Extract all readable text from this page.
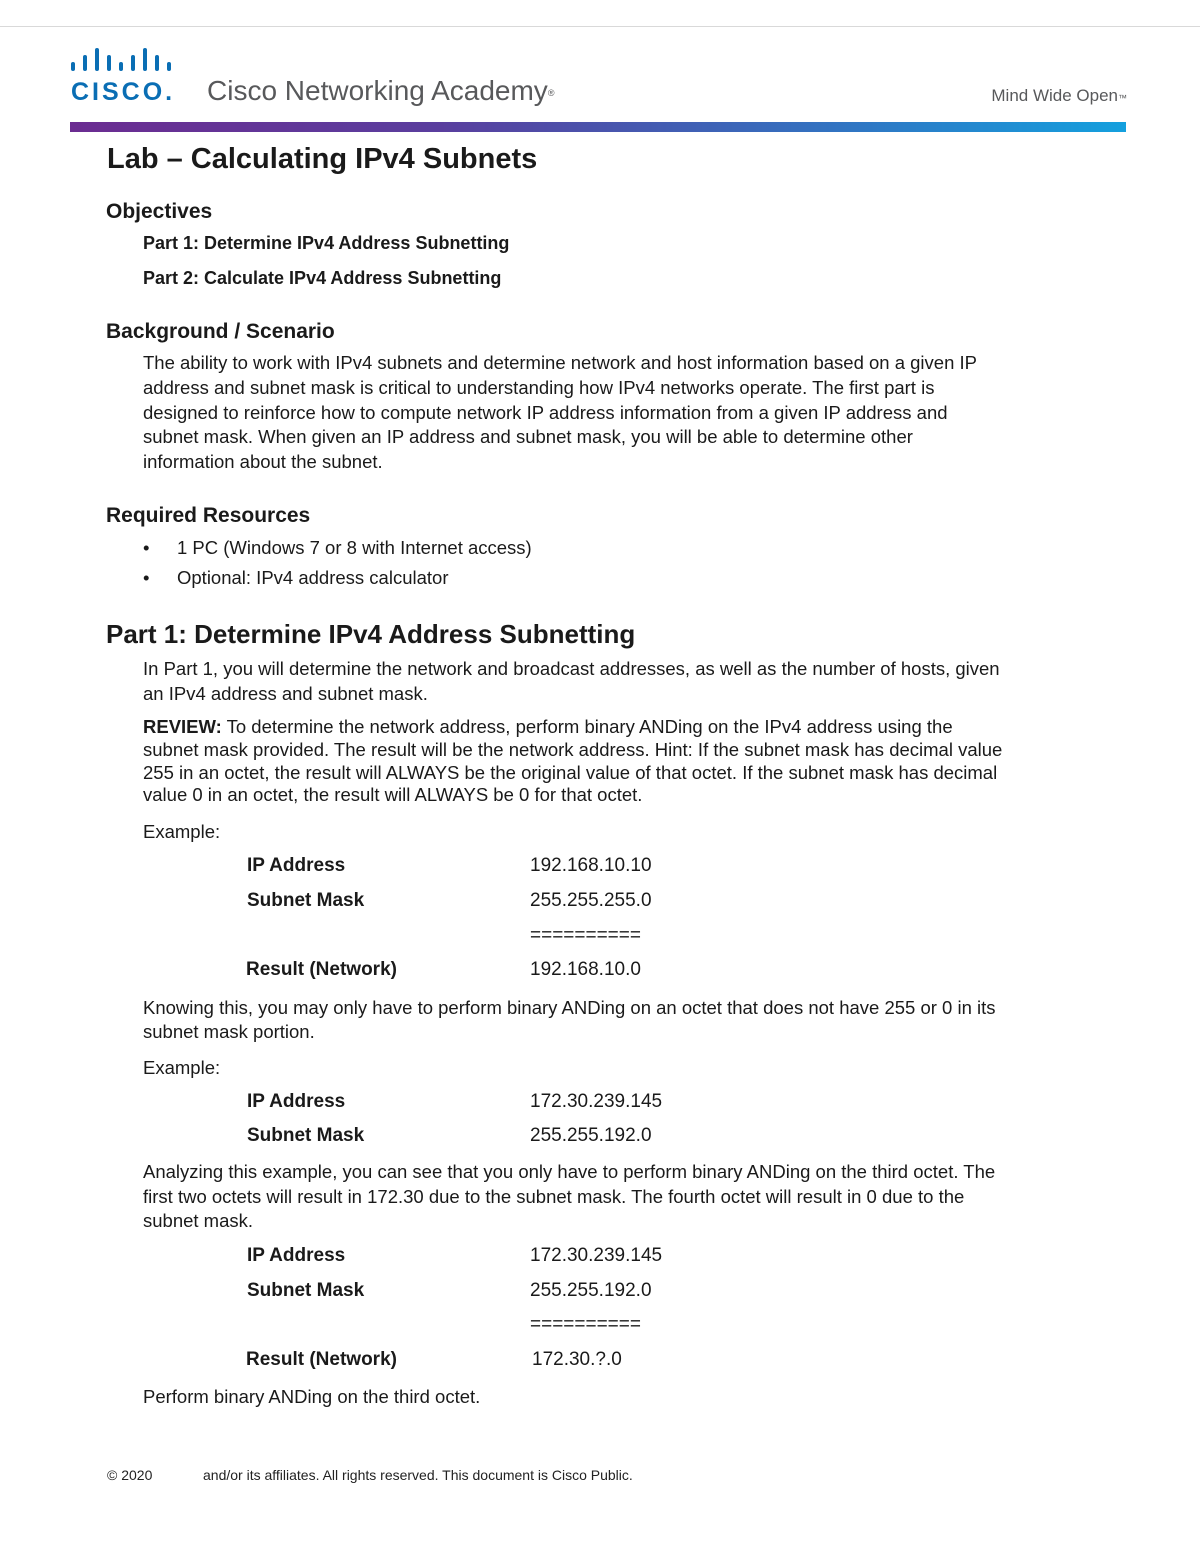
CISCO. Cisco Networking Academy®	Mind Wide Open™
Lab – Calculating IPv4 Subnets
Objectives
Part 1: Determine IPv4 Address Subnetting
Part 2: Calculate IPv4 Address Subnetting
Background / Scenario
The ability to work with IPv4 subnets and determine network and host information based on a given IP
address and subnet mask is critical to understanding how IPv4 networks operate. The first part is
designed to reinforce how to compute network IP address information from a given IP address and
subnet mask. When given an IP address and subnet mask, you will be able to determine other
information about the subnet.
Required Resources
• 1 PC (Windows 7 or 8 with Internet access)
• Optional: IPv4 address calculator
Part 1: Determine IPv4 Address Subnetting
In Part 1, you will determine the network and broadcast addresses, as well as the number of hosts, given
an IPv4 address and subnet mask.
REVIEW: To determine the network address, perform binary ANDing on the IPv4 address using the
subnet mask provided. The result will be the network address. Hint: If the subnet mask has decimal value
255 in an octet, the result will ALWAYS be the original value of that octet. If the subnet mask has decimal
value 0 in an octet, the result will ALWAYS be 0 for that octet.
Example:
IP Address	192.168.10.10
Subnet Mask	255.255.255.0
==========
Result (Network)	192.168.10.0
Knowing this, you may only have to perform binary ANDing on an octet that does not have 255 or 0 in its
subnet mask portion.
Example:
IP Address	172.30.239.145
Subnet Mask	255.255.192.0
Analyzing this example, you can see that you only have to perform binary ANDing on the third octet. The
first two octets will result in 172.30 due to the subnet mask. The fourth octet will result in 0 due to the
subnet mask.
IP Address	172.30.239.145
Subnet Mask	255.255.192.0
==========
Result (Network)	172.30.?.0
Perform binary ANDing on the third octet.
© 2020	and/or its affiliates. All rights reserved. This document is Cisco Public.
